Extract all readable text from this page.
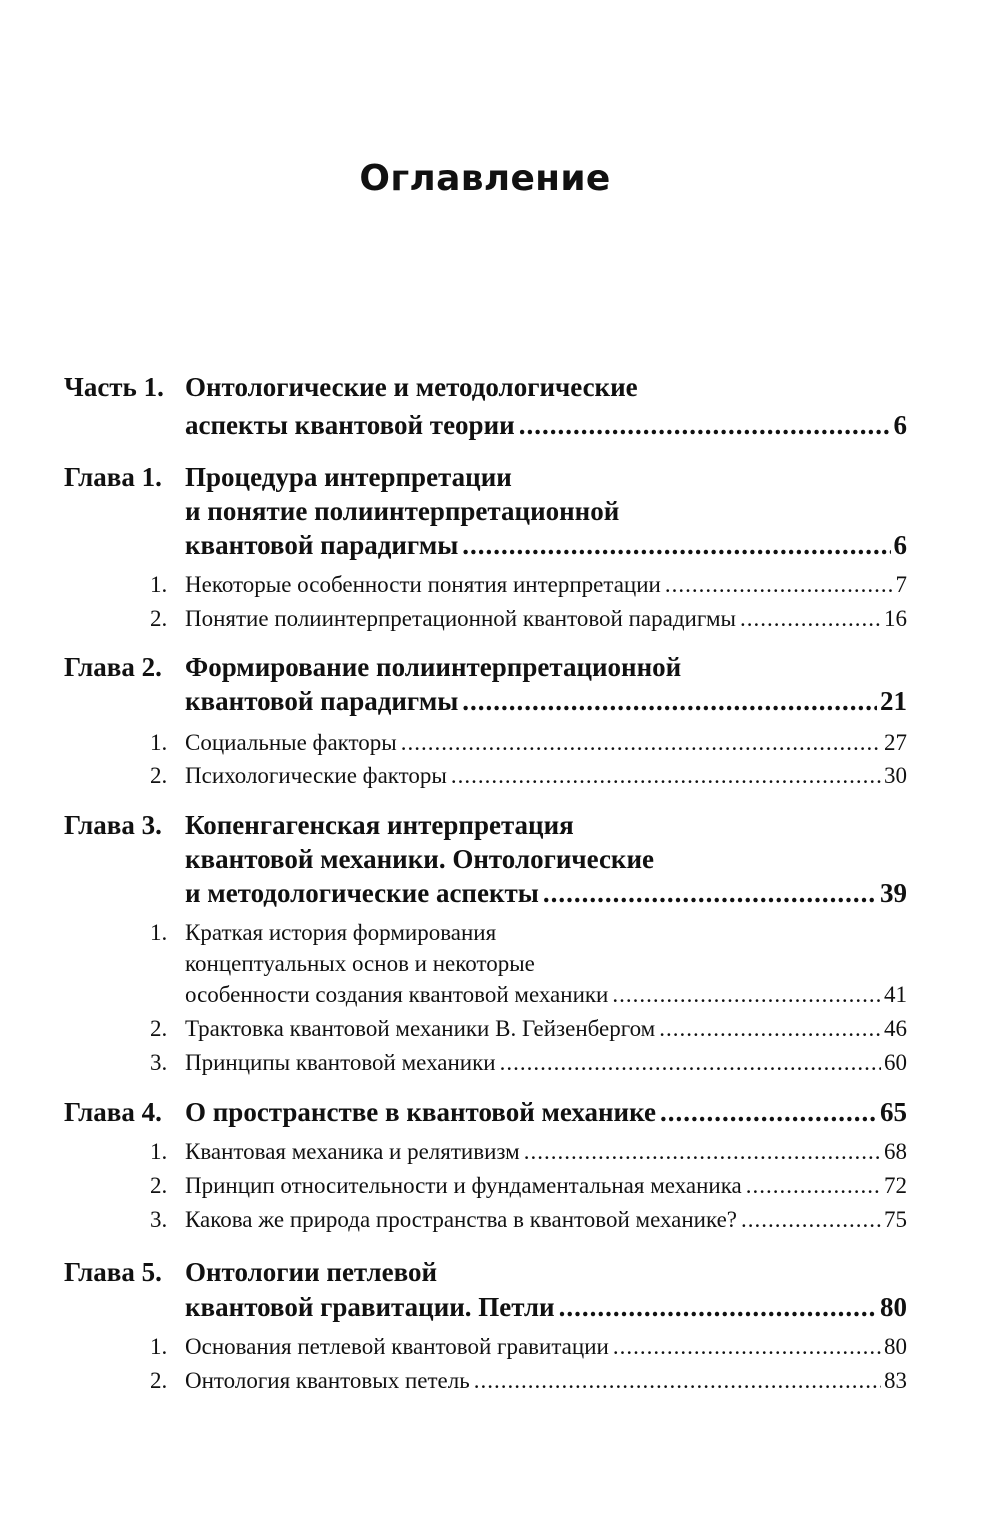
Оглавление
Часть 1. Онтологические и методологические
аспекты квантовой теории .....	6
Глава 1. Процедура интерпретации
и понятие полиинтерпретационной
квантовой парадигмы .....	6
1. Некоторые особенности понятия интерпретации .....	7
2. Понятие полиинтерпретационной квантовой парадигмы .....	16
Глава 2. Формирование полиинтерпретационной
квантовой парадигмы .....	21
1. Социальные факторы .....	27
2. Психологические факторы .....	30
Глава 3. Копенгагенская интерпретация
квантовой механики. Онтологические
и методологические аспекты .....	39
1. Краткая история формирования
концептуальных основ и некоторые
особенности создания квантовой механики .....	41
2. Трактовка квантовой механики В. Гейзенбергом .....	46
3. Принципы квантовой механики .....	60
Глава 4. О пространстве в квантовой механике .....	65
1. Квантовая механика и релятивизм .....	68
2. Принцип относительности и фундаментальная механика .....	72
3. Какова же природа пространства в квантовой механике? .....	75
Глава 5. Онтологии петлевой
квантовой гравитации. Петли .....	80
1. Основания петлевой квантовой гравитации .....	80
2. Онтология квантовых петель .....	83
